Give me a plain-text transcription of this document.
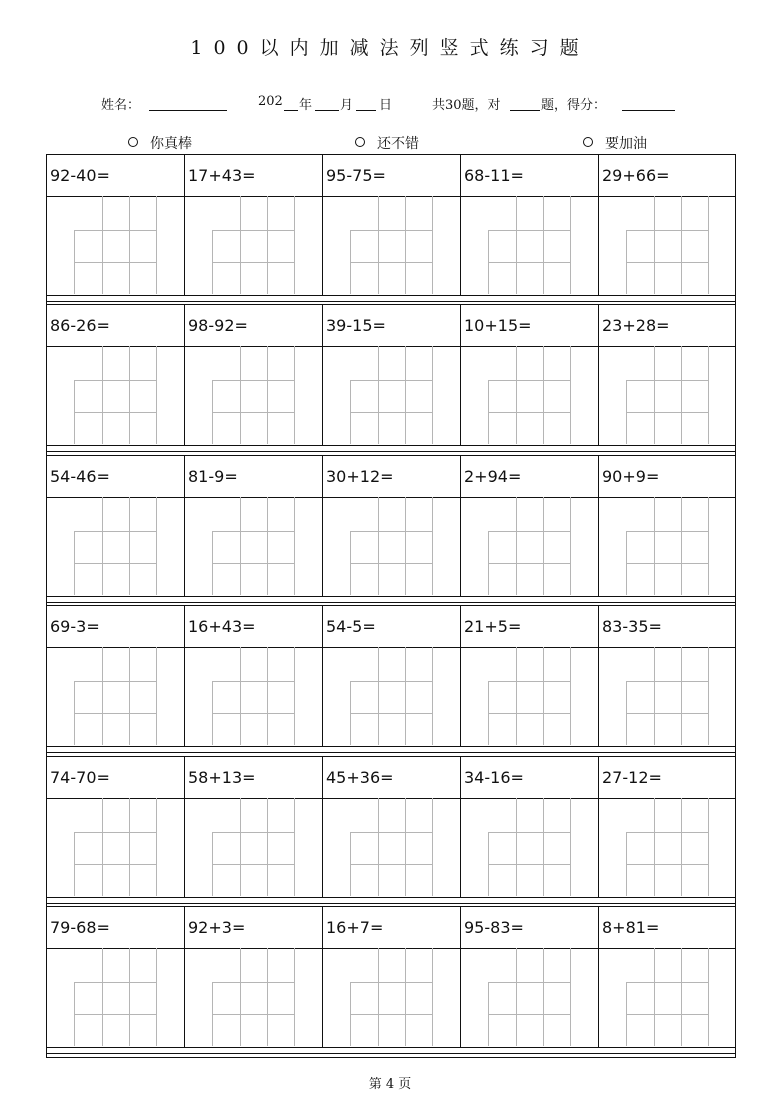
100以内加减法列竖式练习题
姓名：	202 年 月 日	共30题，对	题，得分：
你真棒	还不错	要加油
92-40=	17+43=	95-75=	68-11=	29+66=
86-26=	98-92=	39-15=	10+15=	23+28=
54-46=	81-9=	30+12=	2+94=	90+9=
69-3=	16+43=	54-5=	21+5=	83-35=
74-70=	58+13=	45+36=	34-16=	27-12=
79-68=	92+3=	16+7=	95-83=	8+81=
第 4 页
